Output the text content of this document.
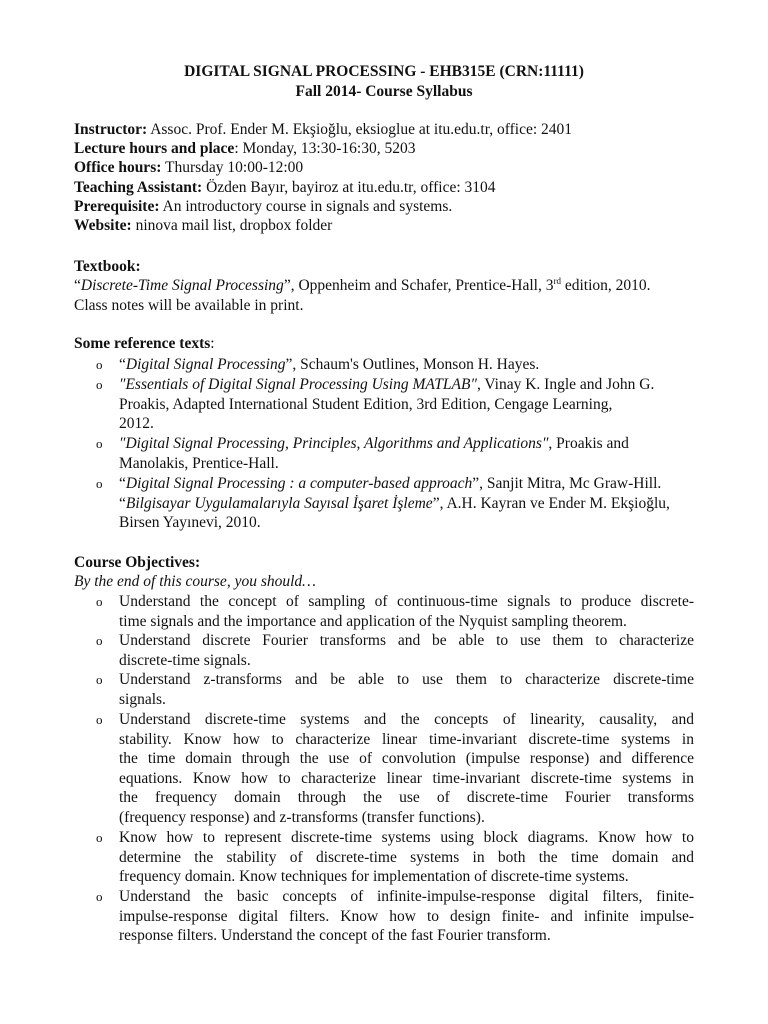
DIGITAL SIGNAL PROCESSING - EHB315E (CRN:11111)
Fall 2014- Course Syllabus
Instructor: Assoc. Prof. Ender M. Ekşioğlu, eksioglue at itu.edu.tr, office: 2401
Lecture hours and place: Monday, 13:30-16:30, 5203
Office hours: Thursday 10:00-12:00
Teaching Assistant: Özden Bayır, bayiroz at itu.edu.tr, office: 3104
Prerequisite: An introductory course in signals and systems.
Website: ninova mail list, dropbox folder
Textbook:
“Discrete-Time Signal Processing”, Oppenheim and Schafer, Prentice-Hall, 3rd edition, 2010.
Class notes will be available in print.
Some reference texts:
o “Digital Signal Processing”, Schaum's Outlines, Monson H. Hayes.
o ″Essentials of Digital Signal Processing Using MATLAB″, Vinay K. Ingle and John G.
Proakis, Adapted International Student Edition, 3rd Edition, Cengage Learning,
2012.
o ″Digital Signal Processing, Principles, Algorithms and Applications″, Proakis and
Manolakis, Prentice-Hall.
o “Digital Signal Processing : a computer-based approach”, Sanjit Mitra, Mc Graw-Hill.
“Bilgisayar Uygulamalarıyla Sayısal İşaret İşleme”, A.H. Kayran ve Ender M. Ekşioğlu,
Birsen Yayınevi, 2010.
Course Objectives:
By the end of this course, you should…
o Understand the concept of sampling of continuous-time signals to produce discrete-
time signals and the importance and application of the Nyquist sampling theorem.
o Understand discrete Fourier transforms and be able to use them to characterize
discrete-time signals.
o Understand z-transforms and be able to use them to characterize discrete-time
signals.
o Understand discrete-time systems and the concepts of linearity, causality, and
stability. Know how to characterize linear time-invariant discrete-time systems in
the time domain through the use of convolution (impulse response) and difference
equations. Know how to characterize linear time-invariant discrete-time systems in
the frequency domain through the use of discrete-time Fourier transforms
(frequency response) and z-transforms (transfer functions).
o Know how to represent discrete-time systems using block diagrams. Know how to
determine the stability of discrete-time systems in both the time domain and
frequency domain. Know techniques for implementation of discrete-time systems.
o Understand the basic concepts of infinite-impulse-response digital filters, finite-
impulse-response digital filters. Know how to design finite- and infinite impulse-
response filters. Understand the concept of the fast Fourier transform.
